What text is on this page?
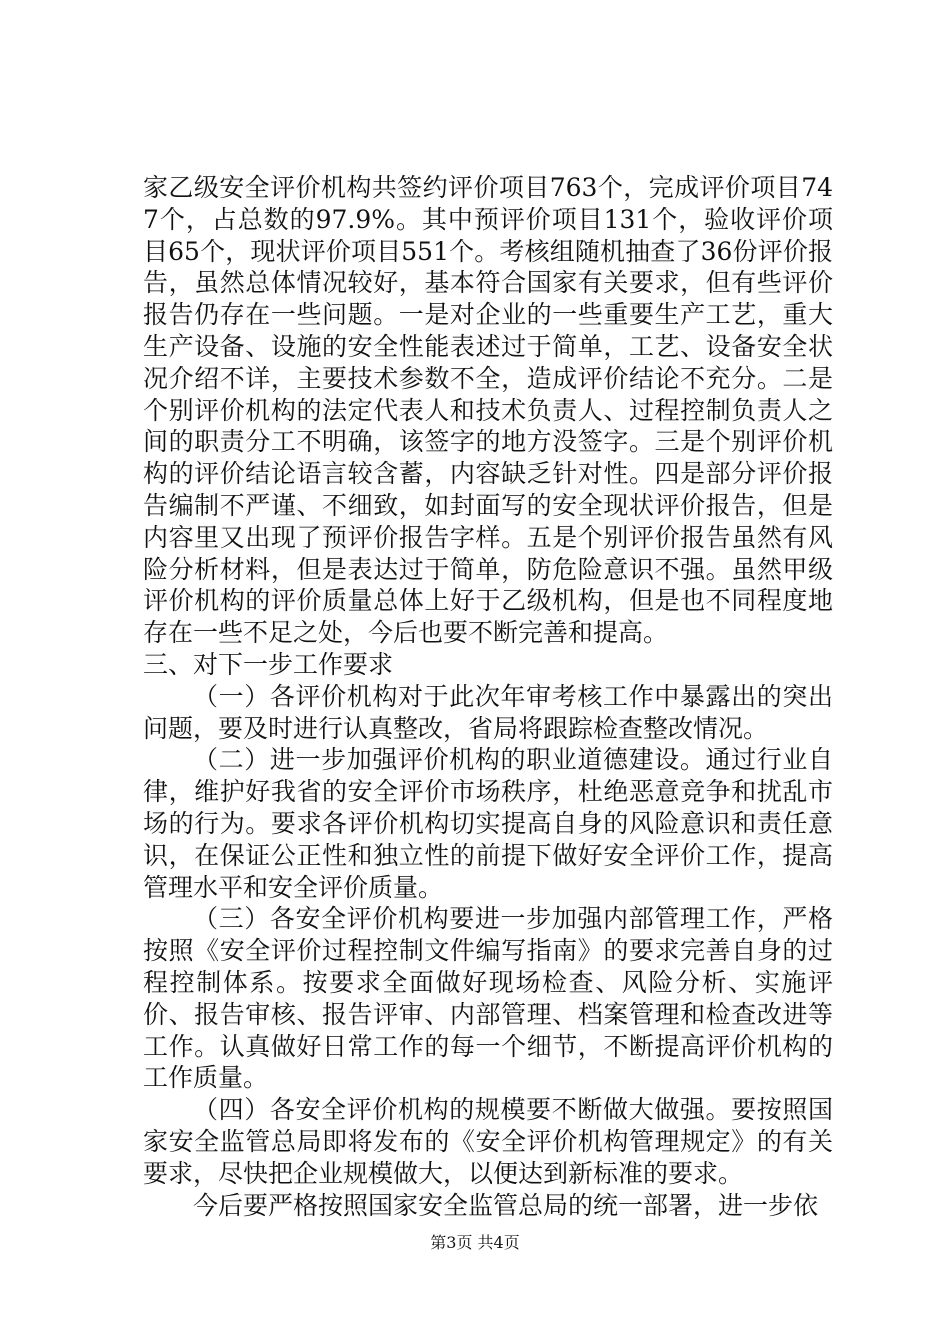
家乙级安全评价机构共签约评价项目763个，完成评价项目747个，占总数的97.9%。其中预评价项目131个，验收评价项目65个，现状评价项目551个。考核组随机抽查了36份评价报告，虽然总体情况较好，基本符合国家有关要求，但有些评价报告仍存在一些问题。一是对企业的一些重要生产工艺，重大生产设备、设施的安全性能表述过于简单，工艺、设备安全状况介绍不详，主要技术参数不全，造成评价结论不充分。二是个别评价机构的法定代表人和技术负责人、过程控制负责人之间的职责分工不明确，该签字的地方没签字。三是个别评价机构的评价结论语言较含蓄，内容缺乏针对性。四是部分评价报告编制不严谨、不细致，如封面写的安全现状评价报告，但是内容里又出现了预评价报告字样。五是个别评价报告虽然有风险分析材料，但是表达过于简单，防危险意识不强。虽然甲级评价机构的评价质量总体上好于乙级机构，但是也不同程度地存在一些不足之处，今后也要不断完善和提高。

三、对下一步工作要求

（一）各评价机构对于此次年审考核工作中暴露出的突出问题，要及时进行认真整改，省局将跟踪检查整改情况。

（二）进一步加强评价机构的职业道德建设。通过行业自律，维护好我省的安全评价市场秩序，杜绝恶意竞争和扰乱市场的行为。要求各评价机构切实提高自身的风险意识和责任意识，在保证公正性和独立性的前提下做好安全评价工作，提高管理水平和安全评价质量。

（三）各安全评价机构要进一步加强内部管理工作，严格按照《安全评价过程控制文件编写指南》的要求完善自身的过程控制体系。按要求全面做好现场检查、风险分析、实施评价、报告审核、报告评审、内部管理、档案管理和检查改进等工作。认真做好日常工作的每一个细节，不断提高评价机构的工作质量。

（四）各安全评价机构的规模要不断做大做强。要按照国家安全监管总局即将发布的《安全评价机构管理规定》的有关要求，尽快把企业规模做大，以便达到新标准的要求。

今后要严格按照国家安全监管总局的统一部署，进一步依

第3页 共4页
